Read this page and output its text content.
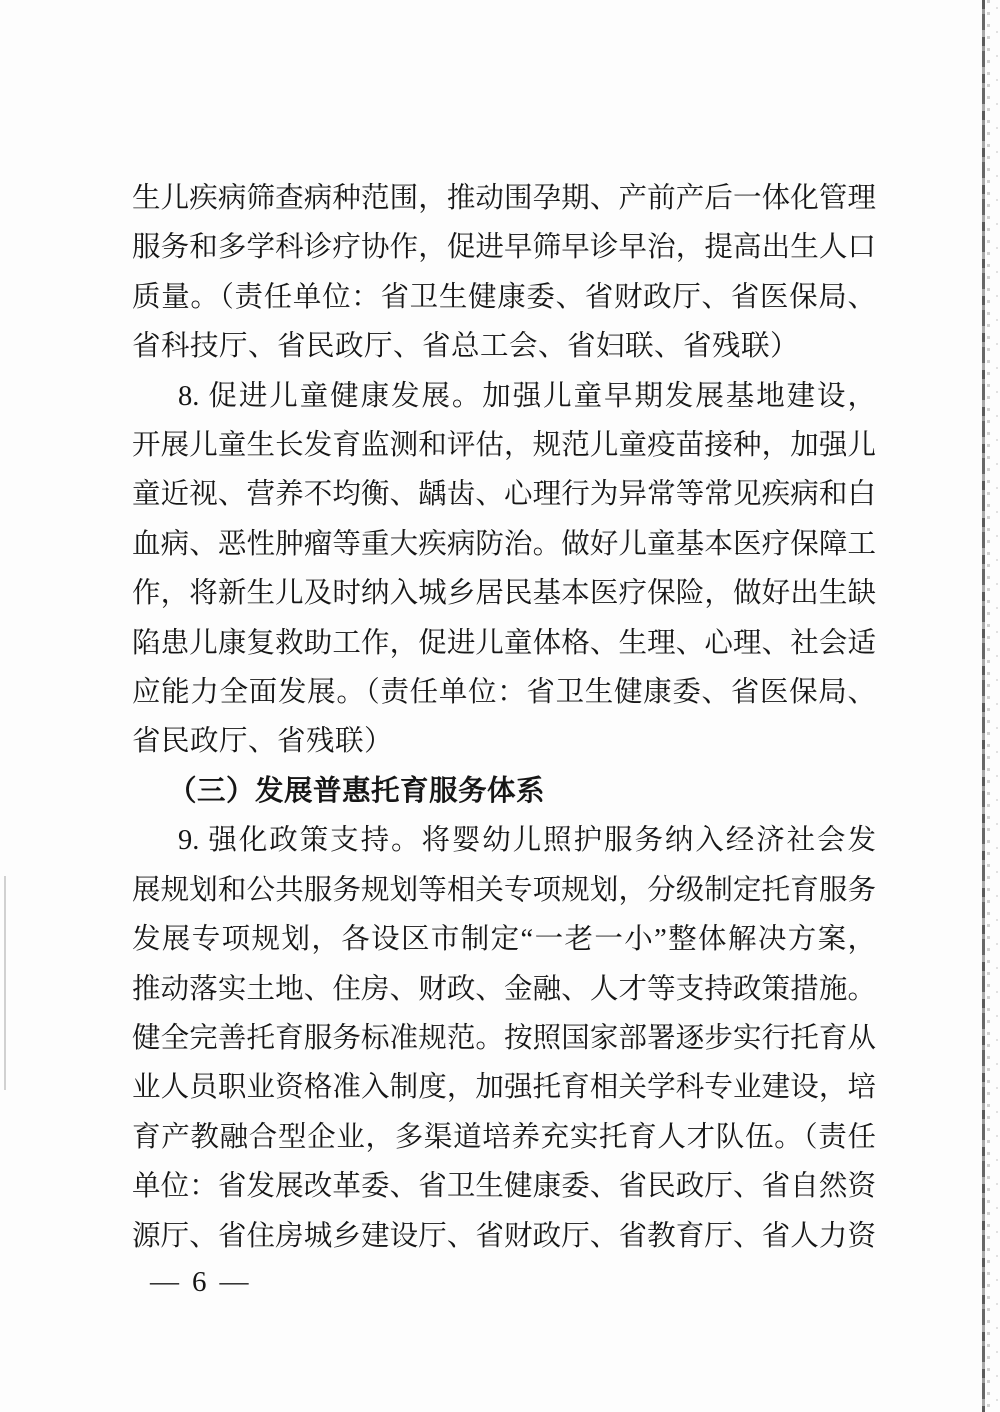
生儿疾病筛查病种范围，推动围孕期、产前产后一体化管理
服务和多学科诊疗协作，促进早筛早诊早治，提高出生人口
质量。（责任单位：省卫生健康委、省财政厅、省医保局、
省科技厅、省民政厅、省总工会、省妇联、省残联）
8. 促进儿童健康发展。加强儿童早期发展基地建设，
开展儿童生长发育监测和评估，规范儿童疫苗接种，加强儿
童近视、营养不均衡、龋齿、心理行为异常等常见疾病和白
血病、恶性肿瘤等重大疾病防治。做好儿童基本医疗保障工
作，将新生儿及时纳入城乡居民基本医疗保险，做好出生缺
陷患儿康复救助工作，促进儿童体格、生理、心理、社会适
应能力全面发展。（责任单位：省卫生健康委、省医保局、
省民政厅、省残联）
（三）发展普惠托育服务体系
9. 强化政策支持。将婴幼儿照护服务纳入经济社会发
展规划和公共服务规划等相关专项规划，分级制定托育服务
发展专项规划，各设区市制定“一老一小”整体解决方案，
推动落实土地、住房、财政、金融、人才等支持政策措施。
健全完善托育服务标准规范。按照国家部署逐步实行托育从
业人员职业资格准入制度，加强托育相关学科专业建设，培
育产教融合型企业，多渠道培养充实托育人才队伍。（责任
单位：省发展改革委、省卫生健康委、省民政厅、省自然资
源厅、省住房城乡建设厅、省财政厅、省教育厅、省人力资
— 6 —
